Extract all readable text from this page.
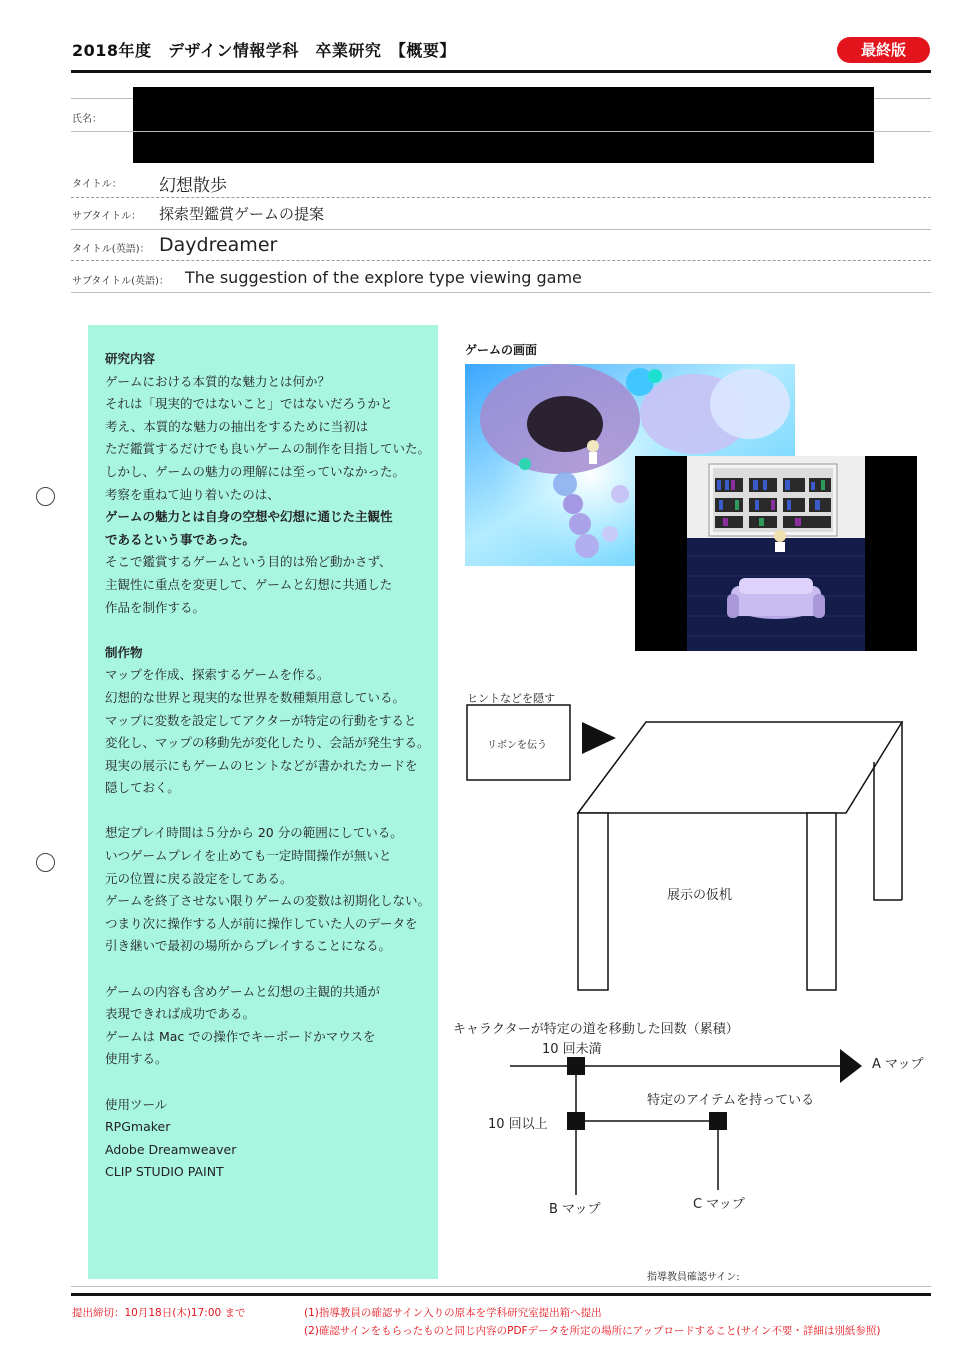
2018年度　デザイン情報学科　卒業研究　【概要】	最終版
氏名：
タイトル： 幻想散歩
サブタイトル： 探索型鑑賞ゲームの提案
タイトル(英語)： Daydreamer
サブタイトル(英語)： The suggestion of the explore type viewing game
研究内容
ゲームにおける本質的な魅力とは何か？
それは「現実的ではないこと」ではないだろうかと
考え、本質的な魅力の抽出をするために当初は
ただ鑑賞するだけでも良いゲームの制作を目指していた。
しかし、ゲームの魅力の理解には至っていなかった。
考察を重ねて辿り着いたのは、
ゲームの魅力とは自身の空想や幻想に通じた主観性
であるという事であった。
そこで鑑賞するゲームという目的は殆ど動かさず、
主観性に重点を変更して、ゲームと幻想に共通した
作品を制作する。
制作物
マップを作成、探索するゲームを作る。
幻想的な世界と現実的な世界を数種類用意している。
マップに変数を設定してアクターが特定の行動をすると
変化し、マップの移動先が変化したり、会話が発生する。
現実の展示にもゲームのヒントなどが書かれたカードを
隠しておく。
想定プレイ時間は５分から 20 分の範囲にしている。
いつゲームプレイを止めても一定時間操作が無いと
元の位置に戻る設定をしてある。
ゲームを終了させない限りゲームの変数は初期化しない。
つまり次に操作する人が前に操作していた人のデータを
引き継いで最初の場所からプレイすることになる。
ゲームの内容も含めゲームと幻想の主観的共通が
表現できれば成功である。
ゲームは Mac での操作でキーボードかマウスを
使用する。
使用ツール
RPGmaker
Adobe Dreamweaver
CLIP STUDIO PAINT
ゲームの画面
ヒントなどを隠す
リボンを伝う
展示の仮机
キャラクターが特定の道を移動した回数（累積）
10 回未満
10 回以上
特定のアイテムを持っている
A マップ
B マップ	C マップ
指導教員確認サイン:
提出締切：10月18日(木)17:00 まで	(1)指導教員の確認サイン入りの原本を学科研究室提出箱へ提出
(2)確認サインをもらったものと同じ内容のPDFデータを所定の場所にアップロードすること(サイン不要・詳細は別紙参照)
